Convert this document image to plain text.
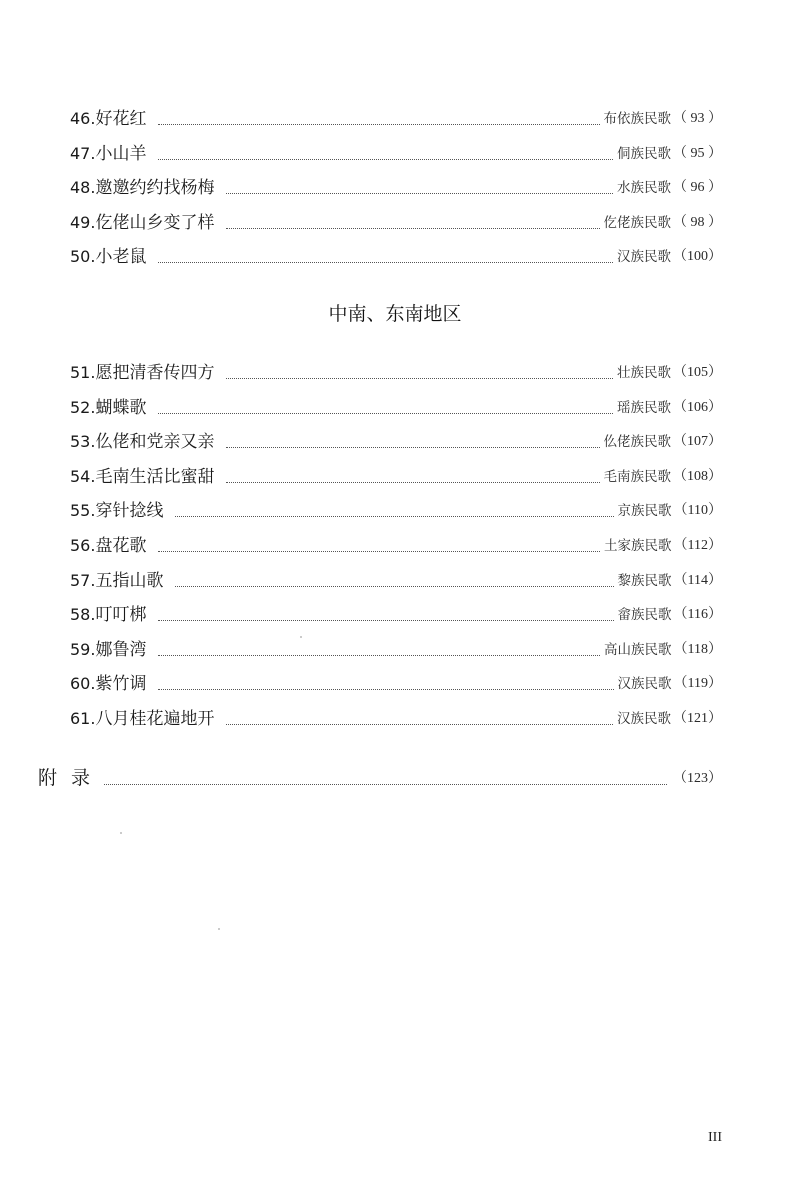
46. 好花红	布依族民歌 （ 93 ）
47. 小山羊	侗族民歌 （ 95 ）
48. 邀邀约约找杨梅	水族民歌 （ 96 ）
49. 仡佬山乡变了样	仡佬族民歌 （ 98 ）
50. 小老鼠	汉族民歌 （100）
中南、东南地区
51. 愿把清香传四方	壮族民歌 （105）
52. 蝴蝶歌	瑶族民歌 （106）
53. 仫佬和党亲又亲	仫佬族民歌 （107）
54. 毛南生活比蜜甜	毛南族民歌 （108）
55. 穿针捻线	京族民歌 （110）
56. 盘花歌	土家族民歌 （112）
57. 五指山歌	黎族民歌 （114）
58. 叮叮梆	畲族民歌 （116）
59. 娜鲁湾	高山族民歌 （118）
60. 紫竹调	汉族民歌 （119）
61. 八月桂花遍地开	汉族民歌 （121）
附录	（123）
III
